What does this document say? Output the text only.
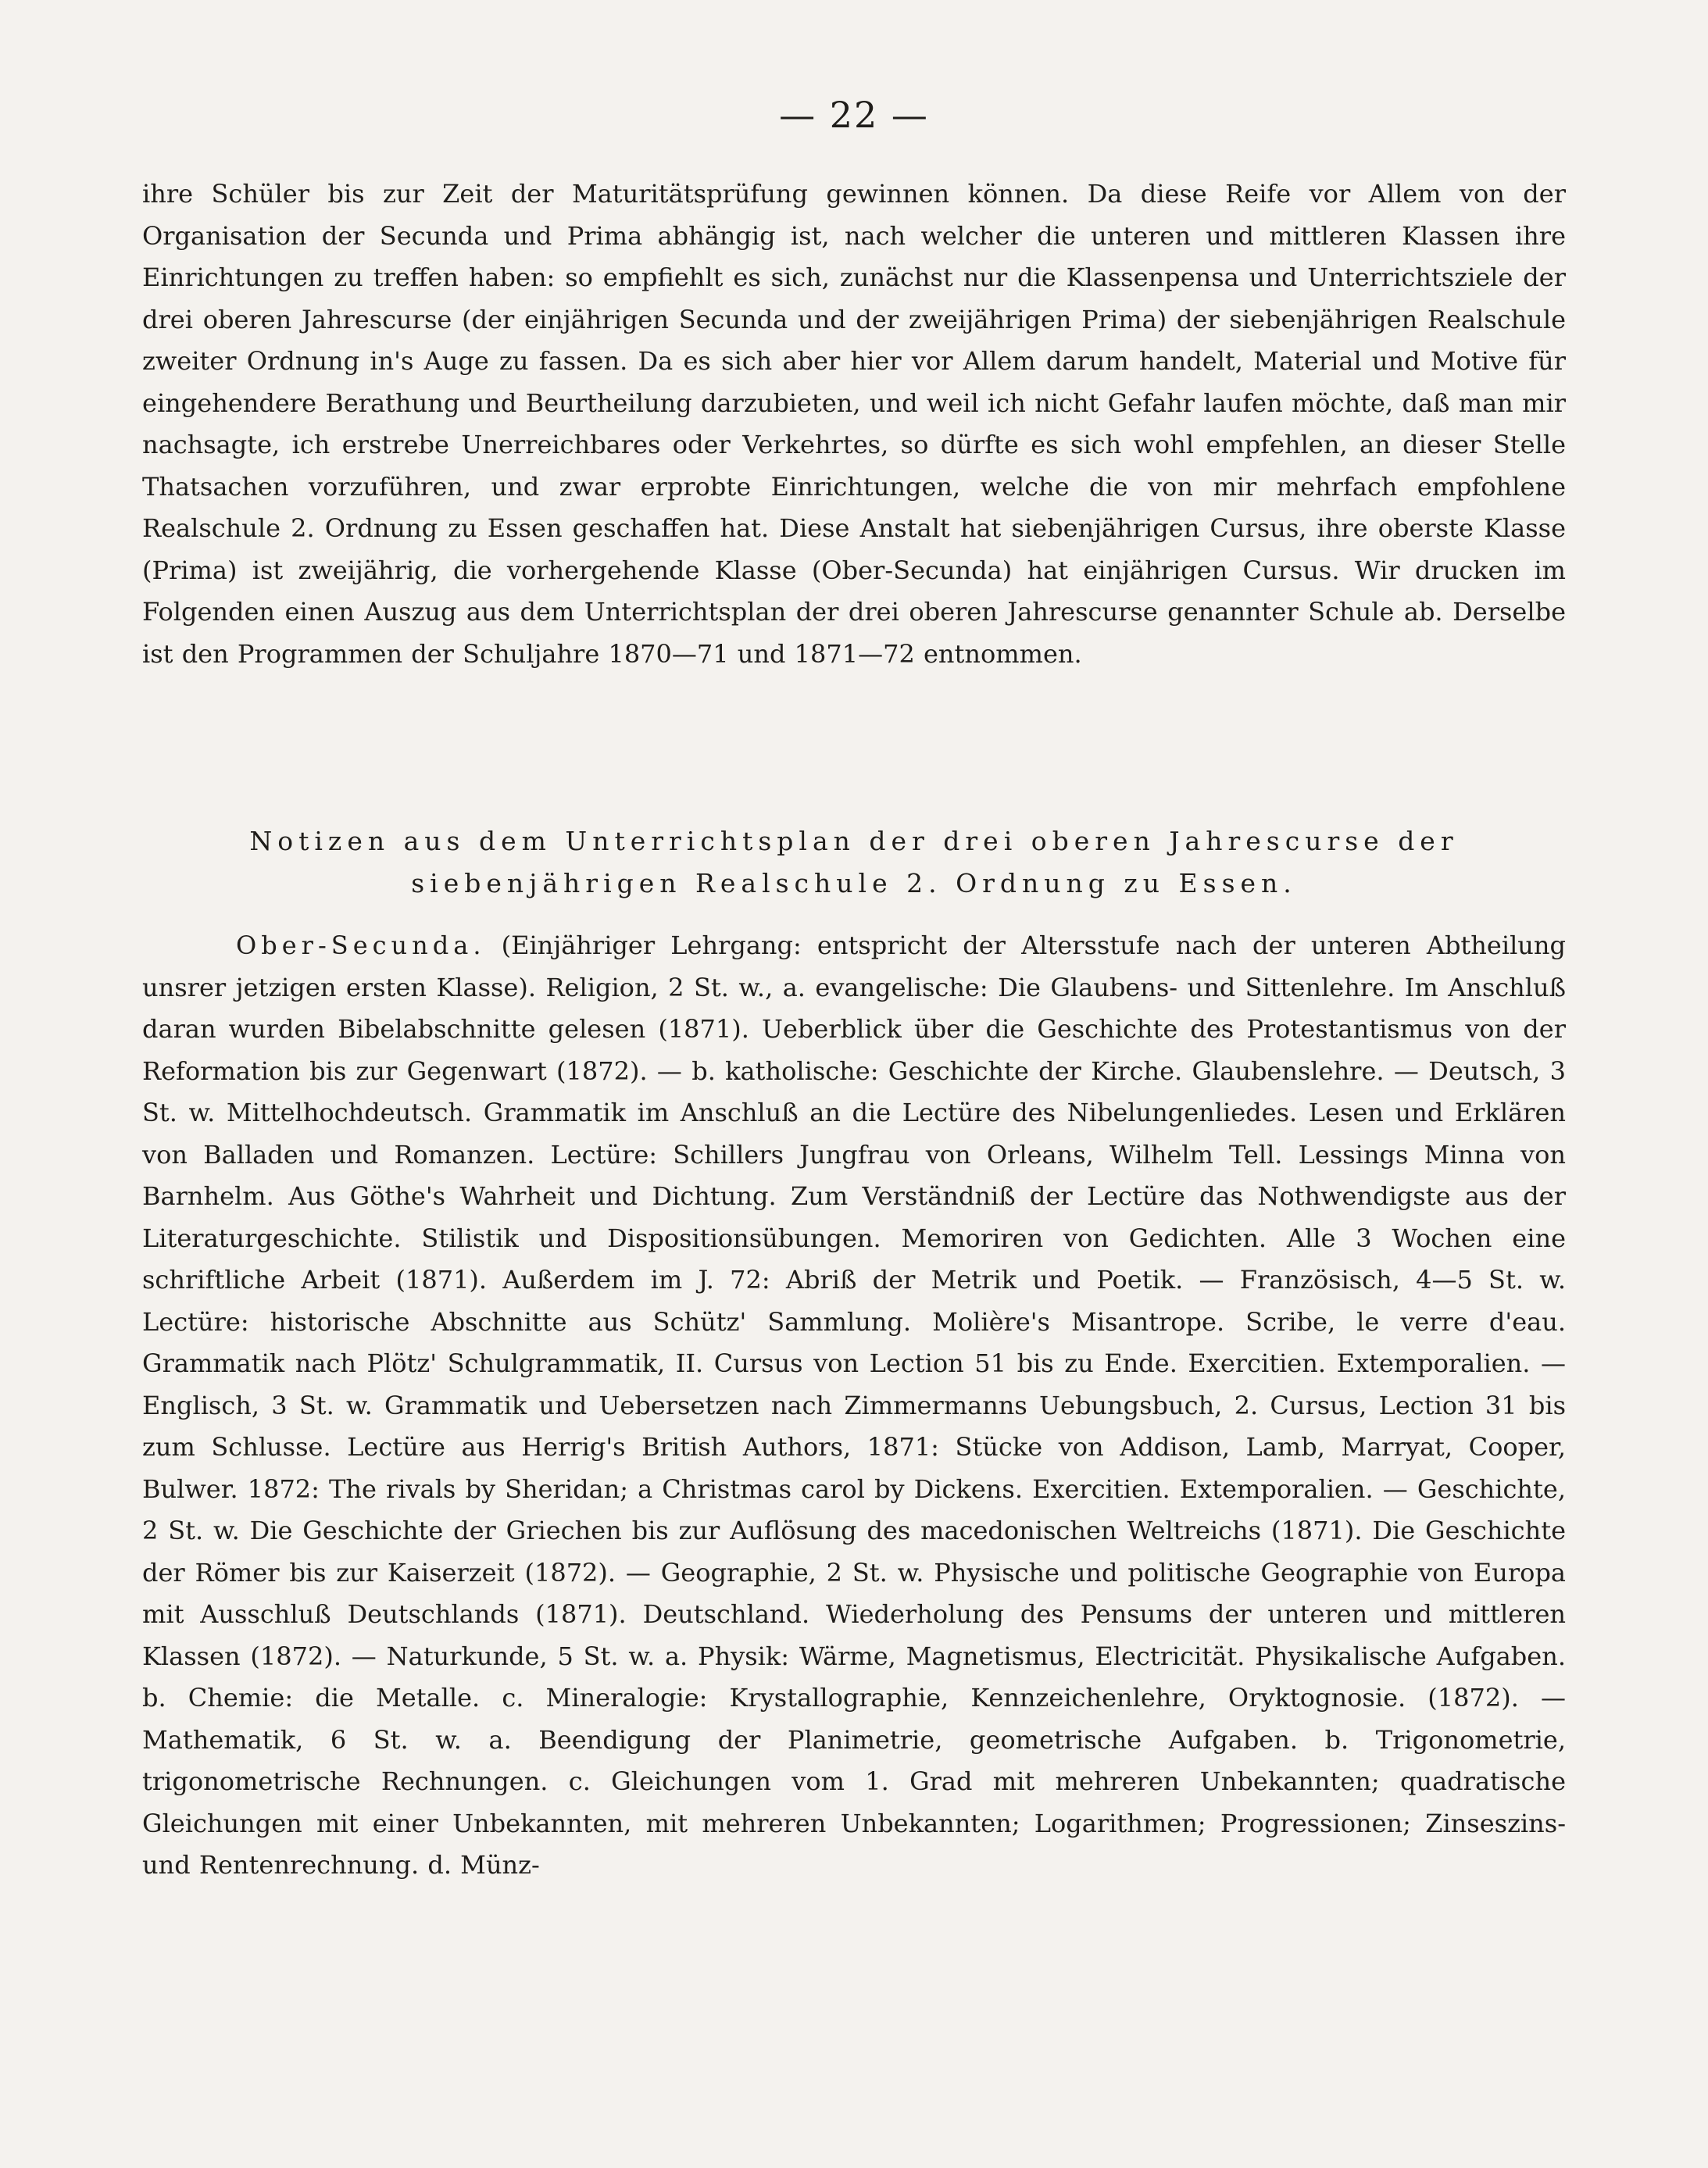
— 22 —
ihre Schüler bis zur Zeit der Maturitätsprüfung gewinnen können. Da diese Reife vor Allem von der Organisation der Secunda und Prima abhängig ist, nach welcher die unteren und mittleren Klassen ihre Einrichtungen zu treffen haben: so empfiehlt es sich, zunächst nur die Klassenpensa und Unterrichtsziele der drei oberen Jahrescurse (der einjährigen Secunda und der zweijährigen Prima) der siebenjährigen Realschule zweiter Ordnung in's Auge zu fassen. Da es sich aber hier vor Allem darum handelt, Material und Motive für eingehendere Berathung und Beurtheilung darzubieten, und weil ich nicht Gefahr laufen möchte, daß man mir nachsagte, ich erstrebe Unerreichbares oder Verkehrtes, so dürfte es sich wohl empfehlen, an dieser Stelle Thatsachen vorzuführen, und zwar erprobte Einrichtungen, welche die von mir mehrfach empfohlene Realschule 2. Ordnung zu Essen geschaffen hat. Diese Anstalt hat siebenjährigen Cursus, ihre oberste Klasse (Prima) ist zweijährig, die vorhergehende Klasse (Ober-Secunda) hat einjährigen Cursus. Wir drucken im Folgenden einen Auszug aus dem Unterrichtsplan der drei oberen Jahrescurse genannter Schule ab. Derselbe ist den Programmen der Schuljahre 1870—71 und 1871—72 entnommen.
Notizen aus dem Unterrichtsplan der drei oberen Jahrescurse der siebenjährigen Realschule 2. Ordnung zu Essen.
Ober-Secunda. (Einjähriger Lehrgang: entspricht der Altersstufe nach der unteren Abtheilung unsrer jetzigen ersten Klasse). Religion, 2 St. w., a. evangelische: Die Glaubens- und Sittenlehre. Im Anschluß daran wurden Bibelabschnitte gelesen (1871). Ueberblick über die Geschichte des Protestantismus von der Reformation bis zur Gegenwart (1872). — b. katholische: Geschichte der Kirche. Glaubenslehre. — Deutsch, 3 St. w. Mittelhochdeutsch. Grammatik im Anschluß an die Lectüre des Nibelungenliedes. Lesen und Erklären von Balladen und Romanzen. Lectüre: Schillers Jungfrau von Orleans, Wilhelm Tell. Lessings Minna von Barnhelm. Aus Göthe's Wahrheit und Dichtung. Zum Verständniß der Lectüre das Nothwendigste aus der Literaturgeschichte. Stilistik und Dispositionsübungen. Memoriren von Gedichten. Alle 3 Wochen eine schriftliche Arbeit (1871). Außerdem im J. 72: Abriß der Metrik und Poetik. — Französisch, 4—5 St. w. Lectüre: historische Abschnitte aus Schütz' Sammlung. Molière's Misantrope. Scribe, le verre d'eau. Grammatik nach Plötz' Schulgrammatik, II. Cursus von Lection 51 bis zu Ende. Exercitien. Extemporalien. — Englisch, 3 St. w. Grammatik und Uebersetzen nach Zimmermanns Uebungsbuch, 2. Cursus, Lection 31 bis zum Schlusse. Lectüre aus Herrig's British Authors, 1871: Stücke von Addison, Lamb, Marryat, Cooper, Bulwer. 1872: The rivals by Sheridan; a Christmas carol by Dickens. Exercitien. Extemporalien. — Geschichte, 2 St. w. Die Geschichte der Griechen bis zur Auflösung des macedonischen Weltreichs (1871). Die Geschichte der Römer bis zur Kaiserzeit (1872). — Geographie, 2 St. w. Physische und politische Geographie von Europa mit Ausschluß Deutschlands (1871). Deutschland. Wiederholung des Pensums der unteren und mittleren Klassen (1872). — Naturkunde, 5 St. w. a. Physik: Wärme, Magnetismus, Electricität. Physikalische Aufgaben. b. Chemie: die Metalle. c. Mineralogie: Krystallographie, Kennzeichenlehre, Oryktognosie. (1872). — Mathematik, 6 St. w. a. Beendigung der Planimetrie, geometrische Aufgaben. b. Trigonometrie, trigonometrische Rechnungen. c. Gleichungen vom 1. Grad mit mehreren Unbekannten; quadratische Gleichungen mit einer Unbekannten, mit mehreren Unbekannten; Logarithmen; Progressionen; Zinseszins- und Rentenrechnung. d. Münz-
